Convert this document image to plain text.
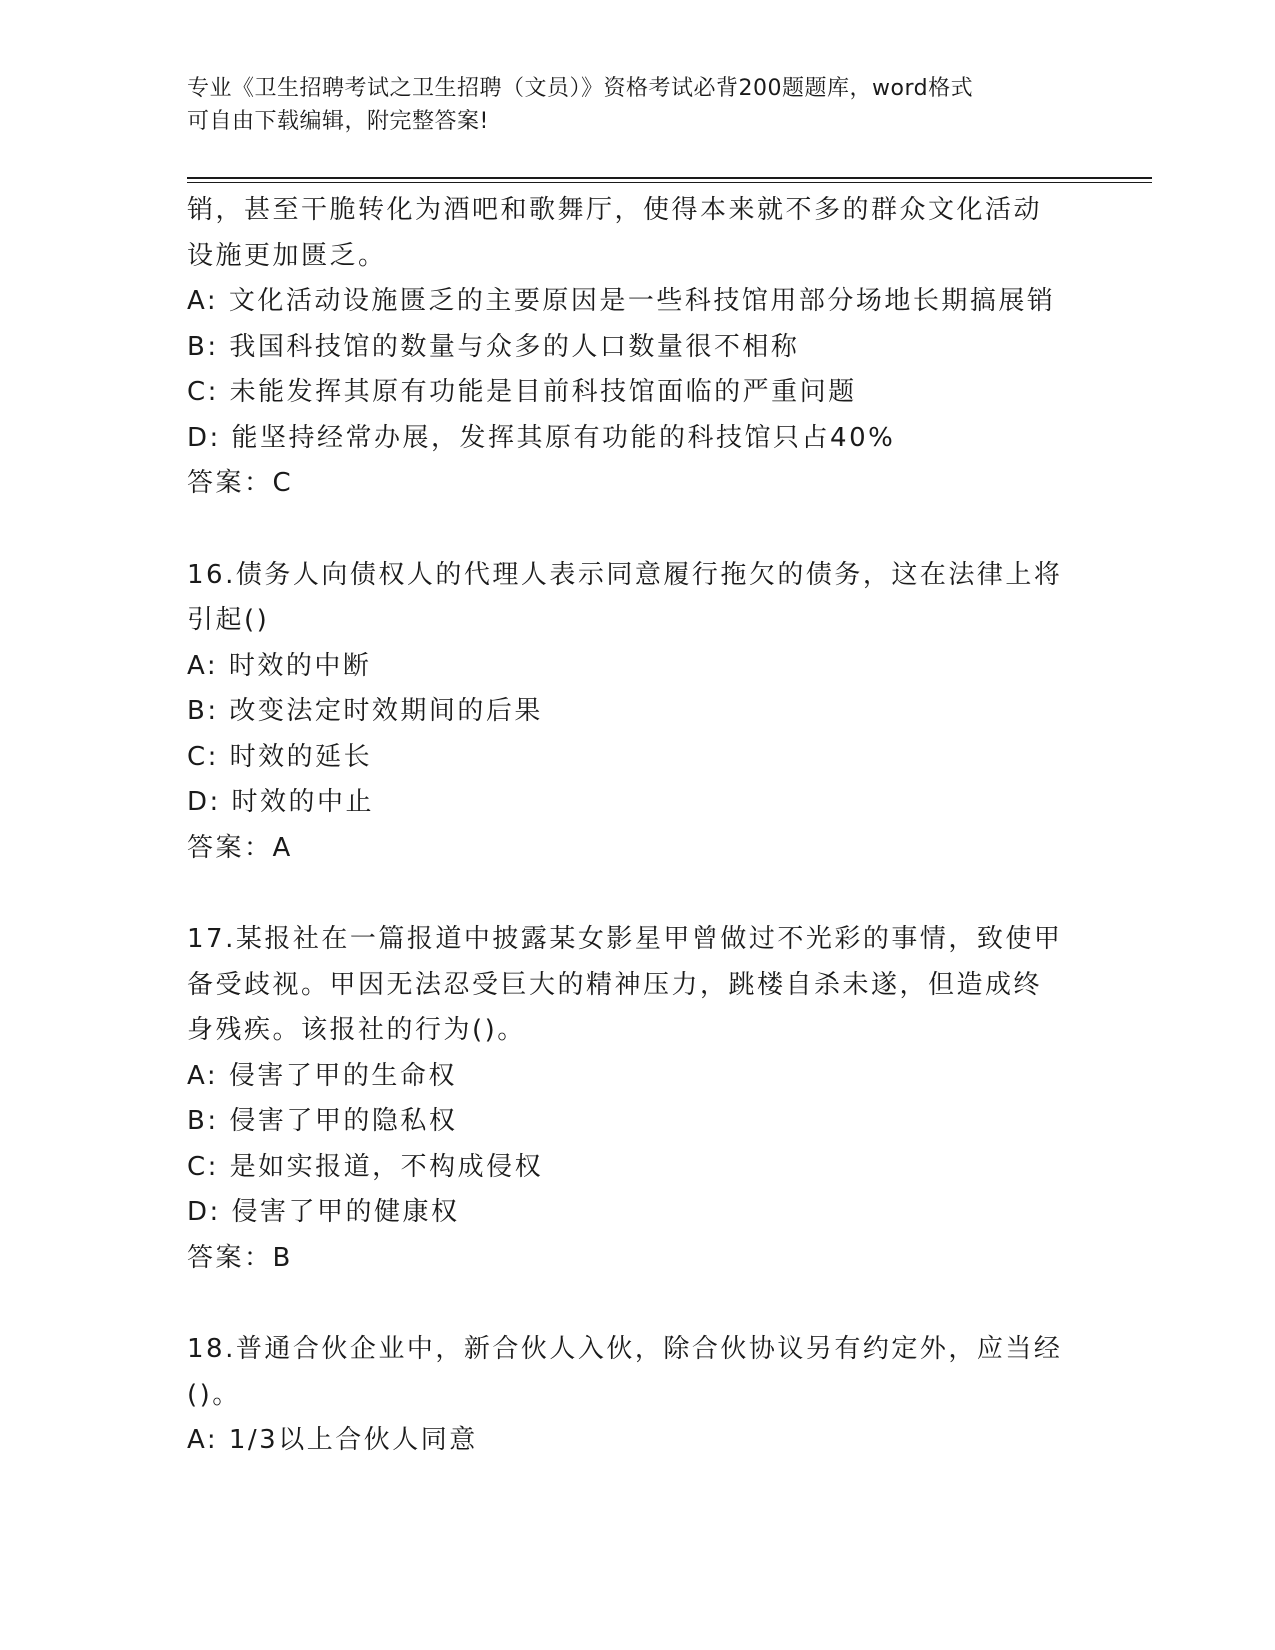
专业《卫生招聘考试之卫生招聘（文员）》资格考试必背200题题库，word格式
可自由下载编辑，附完整答案!
销，甚至干脆转化为酒吧和歌舞厅，使得本来就不多的群众文化活动
设施更加匮乏。
A: 文化活动设施匮乏的主要原因是一些科技馆用部分场地长期搞展销
B: 我国科技馆的数量与众多的人口数量很不相称
C: 未能发挥其原有功能是目前科技馆面临的严重问题
D: 能坚持经常办展，发挥其原有功能的科技馆只占40%
答案：C
16.债务人向债权人的代理人表示同意履行拖欠的债务，这在法律上将
引起()
A: 时效的中断
B: 改变法定时效期间的后果
C: 时效的延长
D: 时效的中止
答案：A
17.某报社在一篇报道中披露某女影星甲曾做过不光彩的事情，致使甲
备受歧视。甲因无法忍受巨大的精神压力，跳楼自杀未遂，但造成终
身残疾。该报社的行为()。
A: 侵害了甲的生命权
B: 侵害了甲的隐私权
C: 是如实报道，不构成侵权
D: 侵害了甲的健康权
答案：B
18.普通合伙企业中，新合伙人入伙，除合伙协议另有约定外，应当经
()。
A: 1/3以上合伙人同意
